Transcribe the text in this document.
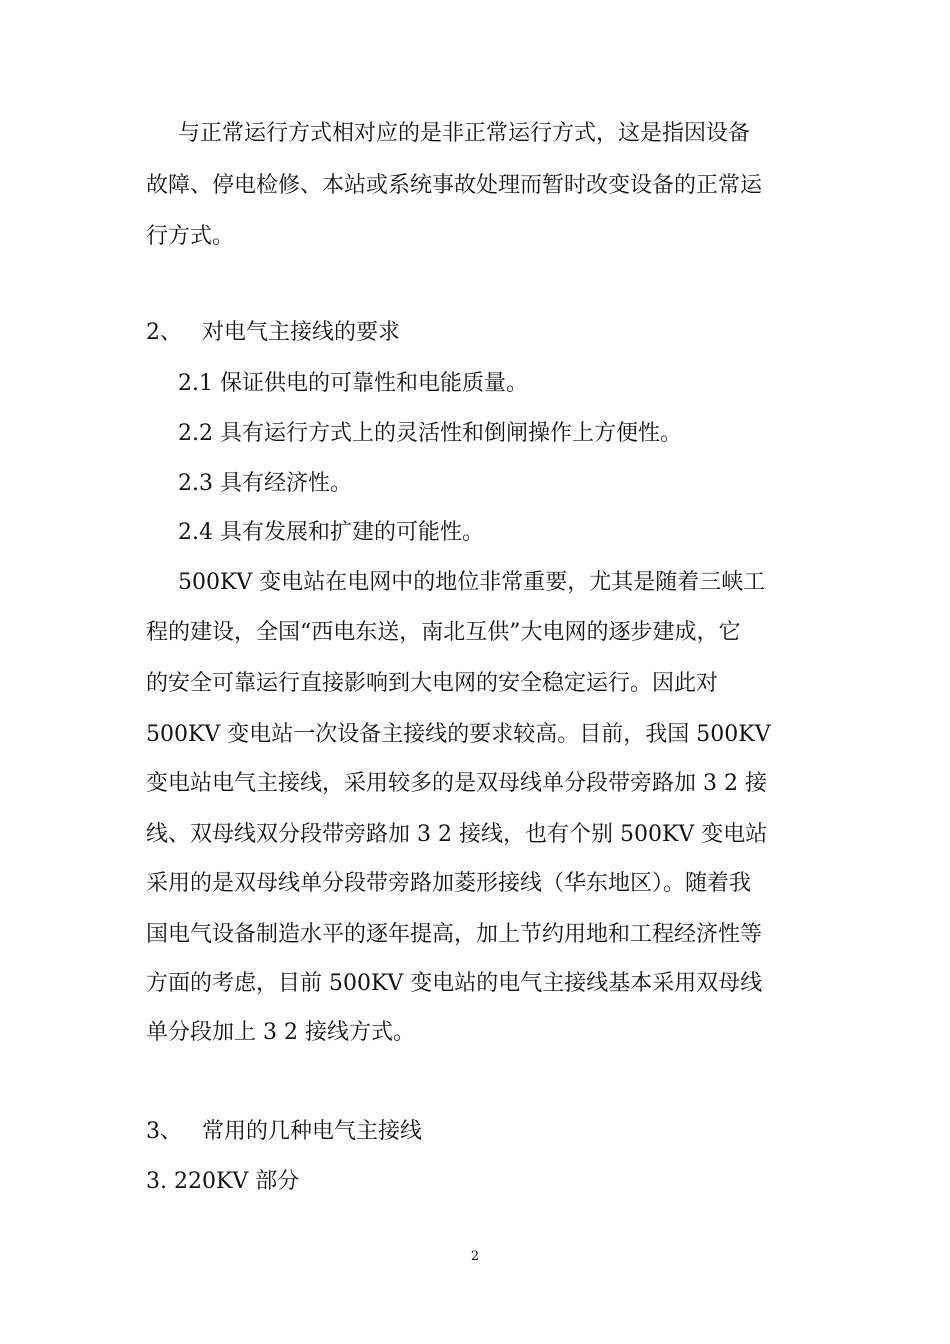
与正常运行方式相对应的是非正常运行方式，这是指因设备
故障、停电检修、本站或系统事故处理而暂时改变设备的正常运
行方式。
2、 对电气主接线的要求
2.1 保证供电的可靠性和电能质量。
2.2 具有运行方式上的灵活性和倒闸操作上方便性。
2.3 具有经济性。
2.4 具有发展和扩建的可能性。
500KV 变电站在电网中的地位非常重要，尤其是随着三峡工
程的建设，全国“西电东送，南北互供”大电网的逐步建成，它
的安全可靠运行直接影响到大电网的安全稳定运行。因此对
500KV 变电站一次设备主接线的要求较高。目前，我国 500KV
变电站电气主接线，采用较多的是双母线单分段带旁路加 3 2 接
线、双母线双分段带旁路加 3 2 接线，也有个别 500KV 变电站
采用的是双母线单分段带旁路加菱形接线（华东地区）。随着我
国电气设备制造水平的逐年提高，加上节约用地和工程经济性等
方面的考虑，目前 500KV 变电站的电气主接线基本采用双母线
单分段加上 3 2 接线方式。
3、 常用的几种电气主接线
3. 220KV 部分
2
